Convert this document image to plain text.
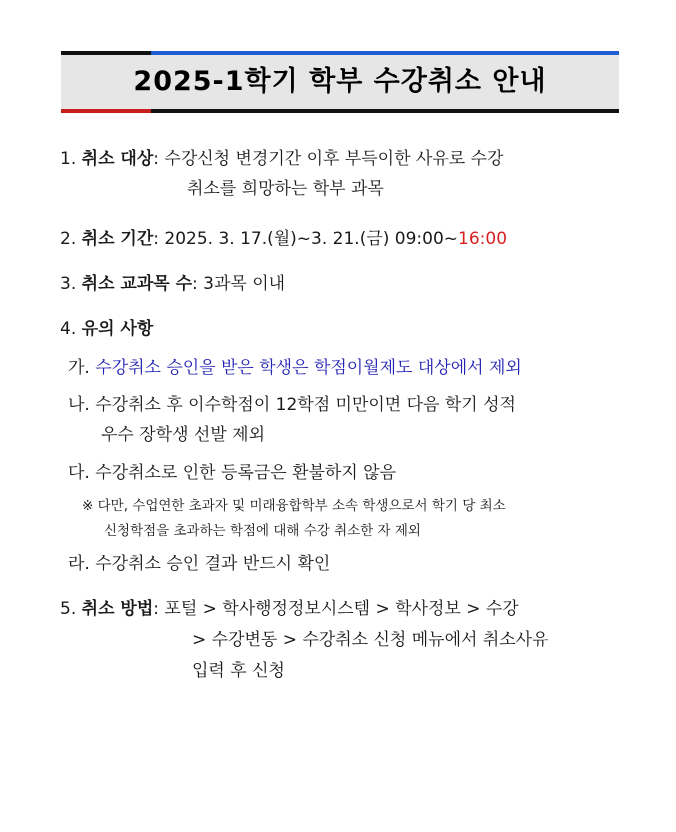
2025-1학기 학부 수강취소 안내
1. 취소 대상: 수강신청 변경기간 이후 부득이한 사유로 수강
취소를 희망하는 학부 과목
2. 취소 기간: 2025. 3. 17.(월)~3. 21.(금) 09:00~16:00
3. 취소 교과목 수: 3과목 이내
4. 유의 사항
가. 수강취소 승인을 받은 학생은 학점이월제도 대상에서 제외
나. 수강취소 후 이수학점이 12학점 미만이면 다음 학기 성적
우수 장학생 선발 제외
다. 수강취소로 인한 등록금은 환불하지 않음
※ 다만, 수업연한 초과자 및 미래융합학부 소속 학생으로서 학기 당 최소
신청학점을 초과하는 학점에 대해 수강 취소한 자 제외
라. 수강취소 승인 결과 반드시 확인
5. 취소 방법: 포털 > 학사행정정보시스템 > 학사정보 > 수강
> 수강변동 > 수강취소 신청 메뉴에서 취소사유
입력 후 신청
